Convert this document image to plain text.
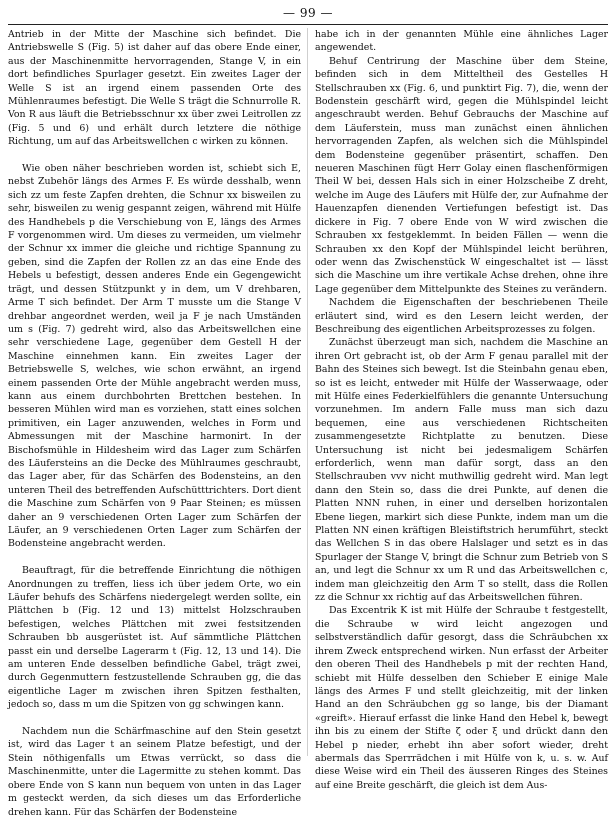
— 99 —

Antrieb in der Mitte der Maschine sich befindet. Die Antriebswelle S (Fig. 5) ist daher auf das obere Ende einer, aus der Maschinenmitte hervorragenden, Stange V, in ein dort befindliches Spurlager gesetzt. Ein zweites Lager der Welle S ist an irgend einem passenden Orte des Mühlenraumes befestigt. Die Welle S trägt die Schnurrolle R. Von R aus läuft die Betriebsschnur xx über zwei Leitrollen zz (Fig. 5 und 6) und erhält durch letztere die nöthige Richtung, um auf das Arbeitswellchen c wirken zu können.

Wie oben näher beschrieben worden ist, schiebt sich E, nebst Zubehör längs des Armes F. Es würde desshalb, wenn sich zz um feste Zapfen drehten, die Schnur xx bisweilen zu sehr, bisweilen zu wenig gespannt zeigen, während mit Hülfe des Handhebels p die Verschiebung von E, längs des Armes F vorgenommen wird. Um dieses zu vermeiden, um vielmehr der Schnur xx immer die gleiche und richtige Spannung zu geben, sind die Zapfen der Rollen zz an das eine Ende des Hebels u befestigt, dessen anderes Ende ein Gegengewicht trägt, und dessen Stützpunkt y in dem, um V drehbaren, Arme T sich befindet. Der Arm T musste um die Stange V drehbar angeordnet werden, weil ja F je nach Umständen um s (Fig. 7) gedreht wird, also das Arbeitswellchen eine sehr verschiedene Lage, gegenüber dem Gestell H der Maschine einnehmen kann. Ein zweites Lager der Betriebswelle S, welches, wie schon erwähnt, an irgend einem passenden Orte der Mühle angebracht werden muss, kann aus einem durchbohrten Brettchen bestehen. In besseren Mühlen wird man es vorziehen, statt eines solchen primitiven, ein Lager anzuwenden, welches in Form und Abmessungen mit der Maschine harmonirt. In der Bischofsmühle in Hildesheim wird das Lager zum Schärfen des Läufersteins an die Decke des Mühlraumes geschraubt, das Lager aber, für das Schärfen des Bodensteins, an den unteren Theil des betreffenden Aufschütttrichters. Dort dient die Maschine zum Schärfen von 9 Paar Steinen; es müssen daher an 9 verschiedenen Orten Lager zum Schärfen der Läufer, an 9 verschiedenen Orten Lager zum Schärfen der Bodensteine angebracht werden.

Beauftragt, für die betreffende Einrichtung die nöthigen Anordnungen zu treffen, liess ich über jedem Orte, wo ein Läufer behufs des Schärfens niedergelegt werden sollte, ein Plättchen b (Fig. 12 und 13) mittelst Holzschrauben befestigen, welches Plättchen mit zwei festsitzenden Schrauben bb ausgerüstet ist. Auf sämmtliche Plättchen passt ein und derselbe Lagerarm t (Fig. 12, 13 und 14). Die am unteren Ende desselben befindliche Gabel, trägt zwei, durch Gegenmuttern festzustellende Schrauben gg, die das eigentliche Lager m zwischen ihren Spitzen festhalten, jedoch so, dass m um die Spitzen von gg schwingen kann.

Nachdem nun die Schärfmaschine auf den Stein gesetzt ist, wird das Lager t an seinem Platze befestigt, und der Stein nöthigenfalls um Etwas verrückt, so dass die Maschinenmitte, unter die Lagermitte zu stehen kommt. Das obere Ende von S kann nun bequem von unten in das Lager m gesteckt werden, da sich dieses um das Erforderliche drehen kann. Für das Schärfen der Bodensteine

habe ich in der genannten Mühle eine ähnliches Lager angewendet.

Behuf Centrirung der Maschine über dem Steine, befinden sich in dem Mitteltheil des Gestelles H Stellschrauben xx (Fig. 6, und punktirt Fig. 7), die, wenn der Bodenstein geschärft wird, gegen die Mühlspindel leicht angeschraubt werden. Behuf Gebrauchs der Maschine auf dem Läuferstein, muss man zunächst einen ähnlichen hervorragenden Zapfen, als welchen sich die Mühlspindel dem Bodensteine gegenüber präsentirt, schaffen. Den neueren Maschinen fügt Herr Golay einen flaschenförmigen Theil W bei, dessen Hals sich in einer Holzscheibe Z dreht, welche im Auge des Läufers mit Hülfe der, zur Aufnahme der Hauenzapfen dienenden Vertiefungen befestigt ist. Das dickere in Fig. 7 obere Ende von W wird zwischen die Schrauben xx festgeklemmt. In beiden Fällen — wenn die Schrauben xx den Kopf der Mühlspindel leicht berühren, oder wenn das Zwischenstück W eingeschaltet ist — lässt sich die Maschine um ihre vertikale Achse drehen, ohne ihre Lage gegenüber dem Mittelpunkte des Steines zu verändern.

Nachdem die Eigenschaften der beschriebenen Theile erläutert sind, wird es den Lesern leicht werden, der Beschreibung des eigentlichen Arbeitsprozesses zu folgen.

Zunächst überzeugt man sich, nachdem die Maschine an ihren Ort gebracht ist, ob der Arm F genau parallel mit der Bahn des Steines sich bewegt. Ist die Steinbahn genau eben, so ist es leicht, entweder mit Hülfe der Wasserwaage, oder mit Hülfe eines Federkielfühlers die genannte Untersuchung vorzunehmen. Im andern Falle muss man sich dazu bequemen, eine aus verschiedenen Richtscheiten zusammengesetzte Richtplatte zu benutzen. Diese Untersuchung ist nicht bei jedesmaligem Schärfen erforderlich, wenn man dafür sorgt, dass an den Stellschrauben vvv nicht muthwillig gedreht wird. Man legt dann den Stein so, dass die drei Punkte, auf denen die Platten NNN ruhen, in einer und derselben horizontalen Ebene liegen, markirt sich diese Punkte, indem man um die Platten NN einen kräftigen Bleistiftstrich herumführt, steckt das Wellchen S in das obere Halslager und setzt es in das Spurlager der Stange V, bringt die Schnur zum Betrieb von S an, und legt die Schnur xx um R und das Arbeitswellchen c, indem man gleichzeitig den Arm T so stellt, dass die Rollen zz die Schnur xx richtig auf das Arbeitswellchen führen.

Das Excentrik K ist mit Hülfe der Schraube t festgestellt, die Schraube w wird leicht angezogen und selbstverständlich dafür gesorgt, dass die Schräubchen xx ihrem Zweck entsprechend wirken. Nun erfasst der Arbeiter den oberen Theil des Handhebels p mit der rechten Hand, schiebt mit Hülfe desselben den Schieber E einige Male längs des Armes F und stellt gleichzeitig, mit der linken Hand an den Schräubchen gg so lange, bis der Diamant «greift». Hierauf erfasst die linke Hand den Hebel k, bewegt ihn bis zu einem der Stifte ζ oder ξ und drückt dann den Hebel p nieder, erhebt ihn aber sofort wieder, dreht abermals das Sperrrädchen i mit Hülfe von k, u. s. w. Auf diese Weise wird ein Theil des äusseren Ringes des Steines auf eine Breite geschärft, die gleich ist dem Aus-
